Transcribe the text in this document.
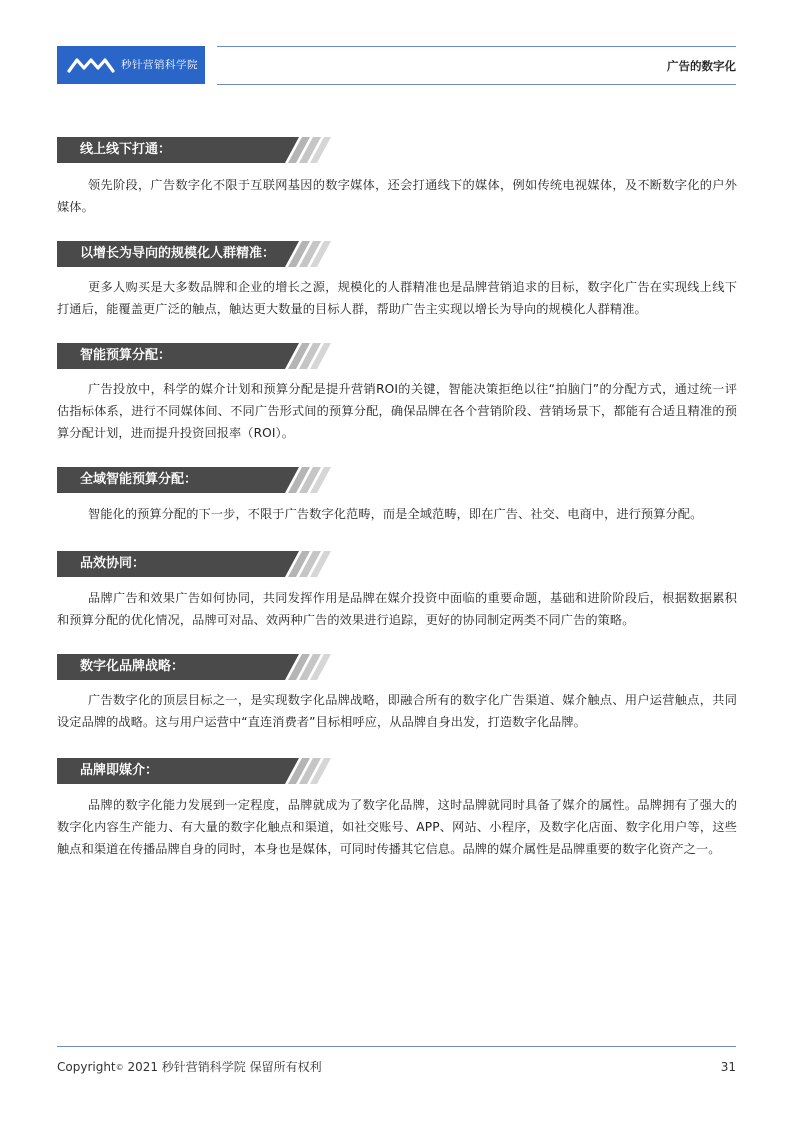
秒针营销科学院	广告的数字化
线上线下打通：

领先阶段，广告数字化不限于互联网基因的数字媒体，还会打通线下的媒体，例如传统电视媒体，及不断数字化的户外媒体。

以增长为导向的规模化人群精准：

更多人购买是大多数品牌和企业的增长之源，规模化的人群精准也是品牌营销追求的目标，数字化广告在实现线上线下打通后，能覆盖更广泛的触点，触达更大数量的目标人群，帮助广告主实现以增长为导向的规模化人群精准。

智能预算分配：

广告投放中，科学的媒介计划和预算分配是提升营销ROI的关键，智能决策拒绝以往“拍脑门”的分配方式，通过统一评估指标体系，进行不同媒体间、不同广告形式间的预算分配，确保品牌在各个营销阶段、营销场景下，都能有合适且精准的预算分配计划，进而提升投资回报率（ROI）。

全域智能预算分配：

智能化的预算分配的下一步，不限于广告数字化范畴，而是全域范畴，即在广告、社交、电商中，进行预算分配。

品效协同：

品牌广告和效果广告如何协同，共同发挥作用是品牌在媒介投资中面临的重要命题，基础和进阶阶段后，根据数据累积和预算分配的优化情况，品牌可对品、效两种广告的效果进行追踪，更好的协同制定两类不同广告的策略。

数字化品牌战略：

广告数字化的顶层目标之一，是实现数字化品牌战略，即融合所有的数字化广告渠道、媒介触点、用户运营触点，共同设定品牌的战略。这与用户运营中“直连消费者”目标相呼应，从品牌自身出发，打造数字化品牌。

品牌即媒介：

品牌的数字化能力发展到一定程度，品牌就成为了数字化品牌，这时品牌就同时具备了媒介的属性。品牌拥有了强大的数字化内容生产能力、有大量的数字化触点和渠道，如社交账号、APP、网站、小程序，及数字化店面、数字化用户等，这些触点和渠道在传播品牌自身的同时，本身也是媒体，可同时传播其它信息。品牌的媒介属性是品牌重要的数字化资产之一。

Copyright© 2021 秒针营销科学院 保留所有权利	31
